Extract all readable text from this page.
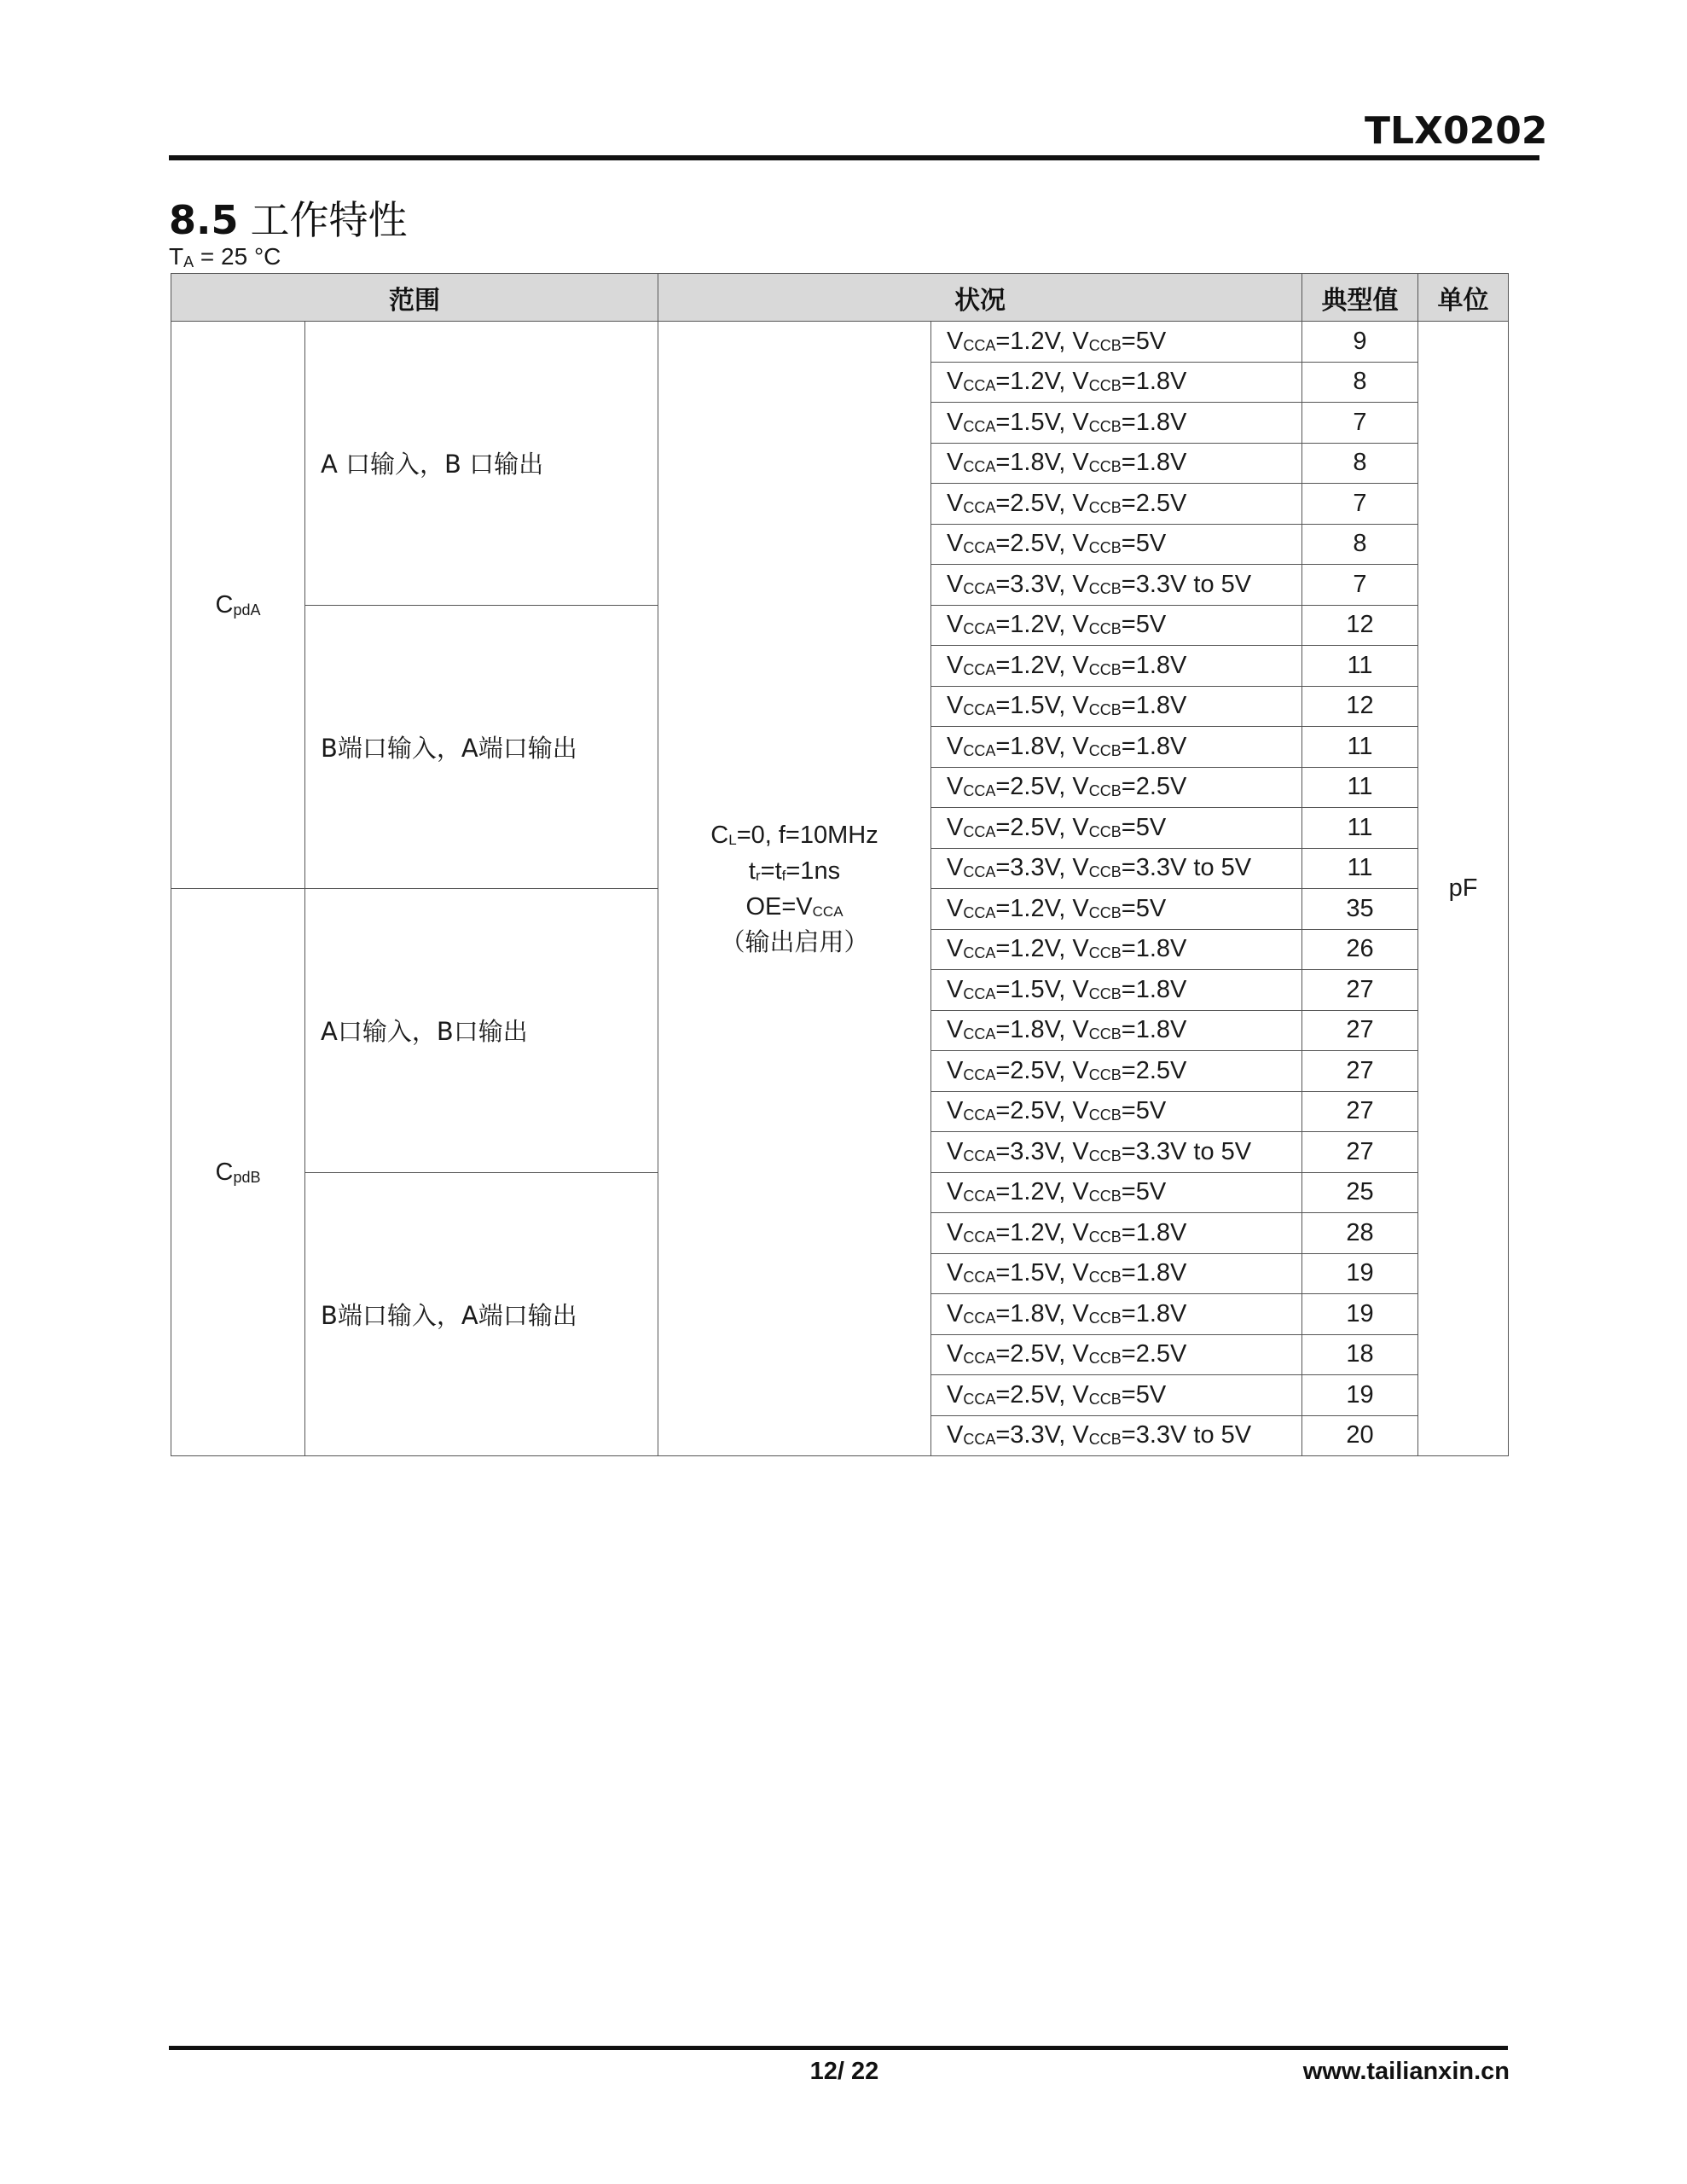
TLX0202
8.5 工作特性
$T_A = 25$ °C
范围		状况		典型值	单位
$C_{pdA}$	A 口输入，B 口输出	$C_L=0$, f=10MHz
$t_r=t_f=1ns$
$OE=V_{CCA}$
（输出启用）	$V_{CCA}=1.2V$, $V_{CCB}=5V$	9	pF
			$V_{CCA}=1.2V$, $V_{CCB}=1.8V$	8	
			$V_{CCA}=1.5V$, $V_{CCB}=1.8V$	7	
			$V_{CCA}=1.8V$, $V_{CCB}=1.8V$	8	
			$V_{CCA}=2.5V$, $V_{CCB}=2.5V$	7	
			$V_{CCA}=2.5V$, $V_{CCB}=5V$	8	
			$V_{CCA}=3.3V$, $V_{CCB}=3.3V$ to 5V	7	
	B端口输入，A端口输出		$V_{CCA}=1.2V$, $V_{CCB}=5V$	12	
			$V_{CCA}=1.2V$, $V_{CCB}=1.8V$	11	
			$V_{CCA}=1.5V$, $V_{CCB}=1.8V$	12	
			$V_{CCA}=1.8V$, $V_{CCB}=1.8V$	11	
			$V_{CCA}=2.5V$, $V_{CCB}=2.5V$	11	
			$V_{CCA}=2.5V$, $V_{CCB}=5V$	11	
			$V_{CCA}=3.3V$, $V_{CCB}=3.3V$ to 5V	11	
$C_{pdB}$	A口输入，B口输出		$V_{CCA}=1.2V$, $V_{CCB}=5V$	35	
			$V_{CCA}=1.2V$, $V_{CCB}=1.8V$	26	
			$V_{CCA}=1.5V$, $V_{CCB}=1.8V$	27	
			$V_{CCA}=1.8V$, $V_{CCB}=1.8V$	27	
			$V_{CCA}=2.5V$, $V_{CCB}=2.5V$	27	
			$V_{CCA}=2.5V$, $V_{CCB}=5V$	27	
			$V_{CCA}=3.3V$, $V_{CCB}=3.3V$ to 5V	27	
	B端口输入，A端口输出		$V_{CCA}=1.2V$, $V_{CCB}=5V$	25	
			$V_{CCA}=1.2V$, $V_{CCB}=1.8V$	28	
			$V_{CCA}=1.5V$, $V_{CCB}=1.8V$	19	
			$V_{CCA}=1.8V$, $V_{CCB}=1.8V$	19	
			$V_{CCA}=2.5V$, $V_{CCB}=2.5V$	18	
			$V_{CCA}=2.5V$, $V_{CCB}=5V$	19	
			$V_{CCA}=3.3V$, $V_{CCB}=3.3V$ to 5V	20	
12/ 22	www.tailianxin.cn
